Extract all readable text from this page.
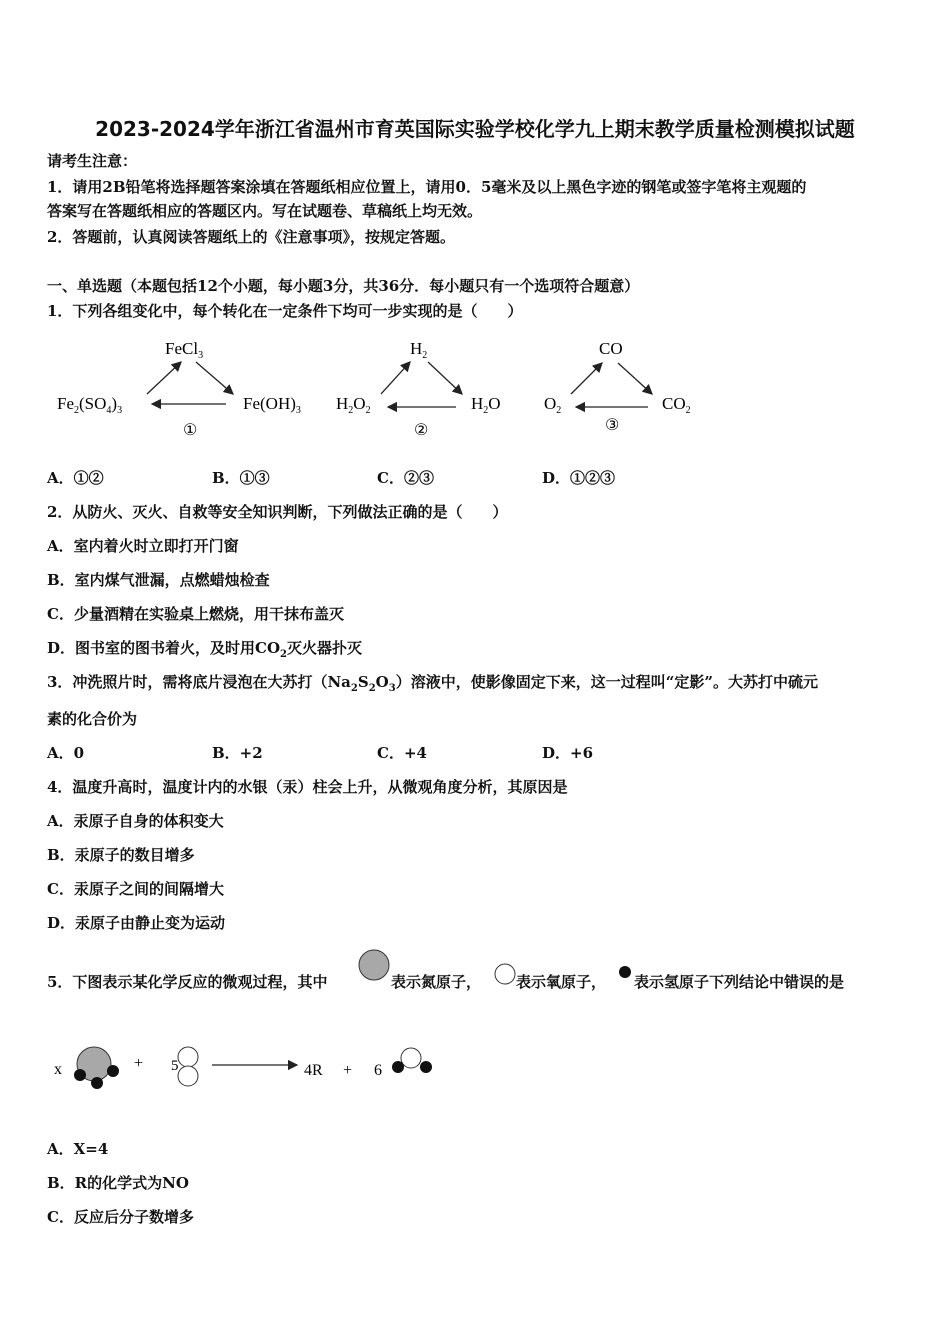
2023-2024学年浙江省温州市育英国际实验学校化学九上期末教学质量检测模拟试题
请考生注意：
1．请用2B铅笔将选择题答案涂填在答题纸相应位置上，请用0．5毫米及以上黑色字迹的钢笔或签字笔将主观题的
答案写在答题纸相应的答题区内。写在试题卷、草稿纸上均无效。
2．答题前，认真阅读答题纸上的《注意事项》，按规定答题。
一、单选题（本题包括12个小题，每小题3分，共36分．每小题只有一个选项符合题意）
1．下列各组变化中，每个转化在一定条件下均可一步实现的是（　　）
FeCl$_3$
$Fe_2(SO_4)_3$	$Fe(OH)_3$
①
$H_2$
$H_2O_2$	$H_2O$
②
CO
$O_2$	$CO_2$
③
A．①②	B．①③	C．②③	D．①②③
2．从防火、灭火、自救等安全知识判断，下列做法正确的是（　　）
A．室内着火时立即打开门窗
B．室内煤气泄漏，点燃蜡烛检查
C．少量酒精在实验桌上燃烧，用干抹布盖灭
D．图书室的图书着火，及时用$CO_2$灭火器扑灭
3．冲洗照片时，需将底片浸泡在大苏打$(Na_2S_2O_3)$溶液中，使影像固定下来，这一过程叫“定影”。大苏打中硫元
素的化合价为
A．0	B．+2	C．+4	D．+6
4．温度升高时，温度计内的水银（汞）柱会上升，从微观角度分析，其原因是
A．汞原子自身的体积变大
B．汞原子的数目增多
C．汞原子之间的间隔增大
D．汞原子由静止变为运动
5．下图表示某化学反应的微观过程，其中	表示氮原子， 表示氧原子， 表示氢原子下列结论中错误的是
x	+ 5	4R + 6
A．X=4
B．R的化学式为NO
C．反应后分子数增多
